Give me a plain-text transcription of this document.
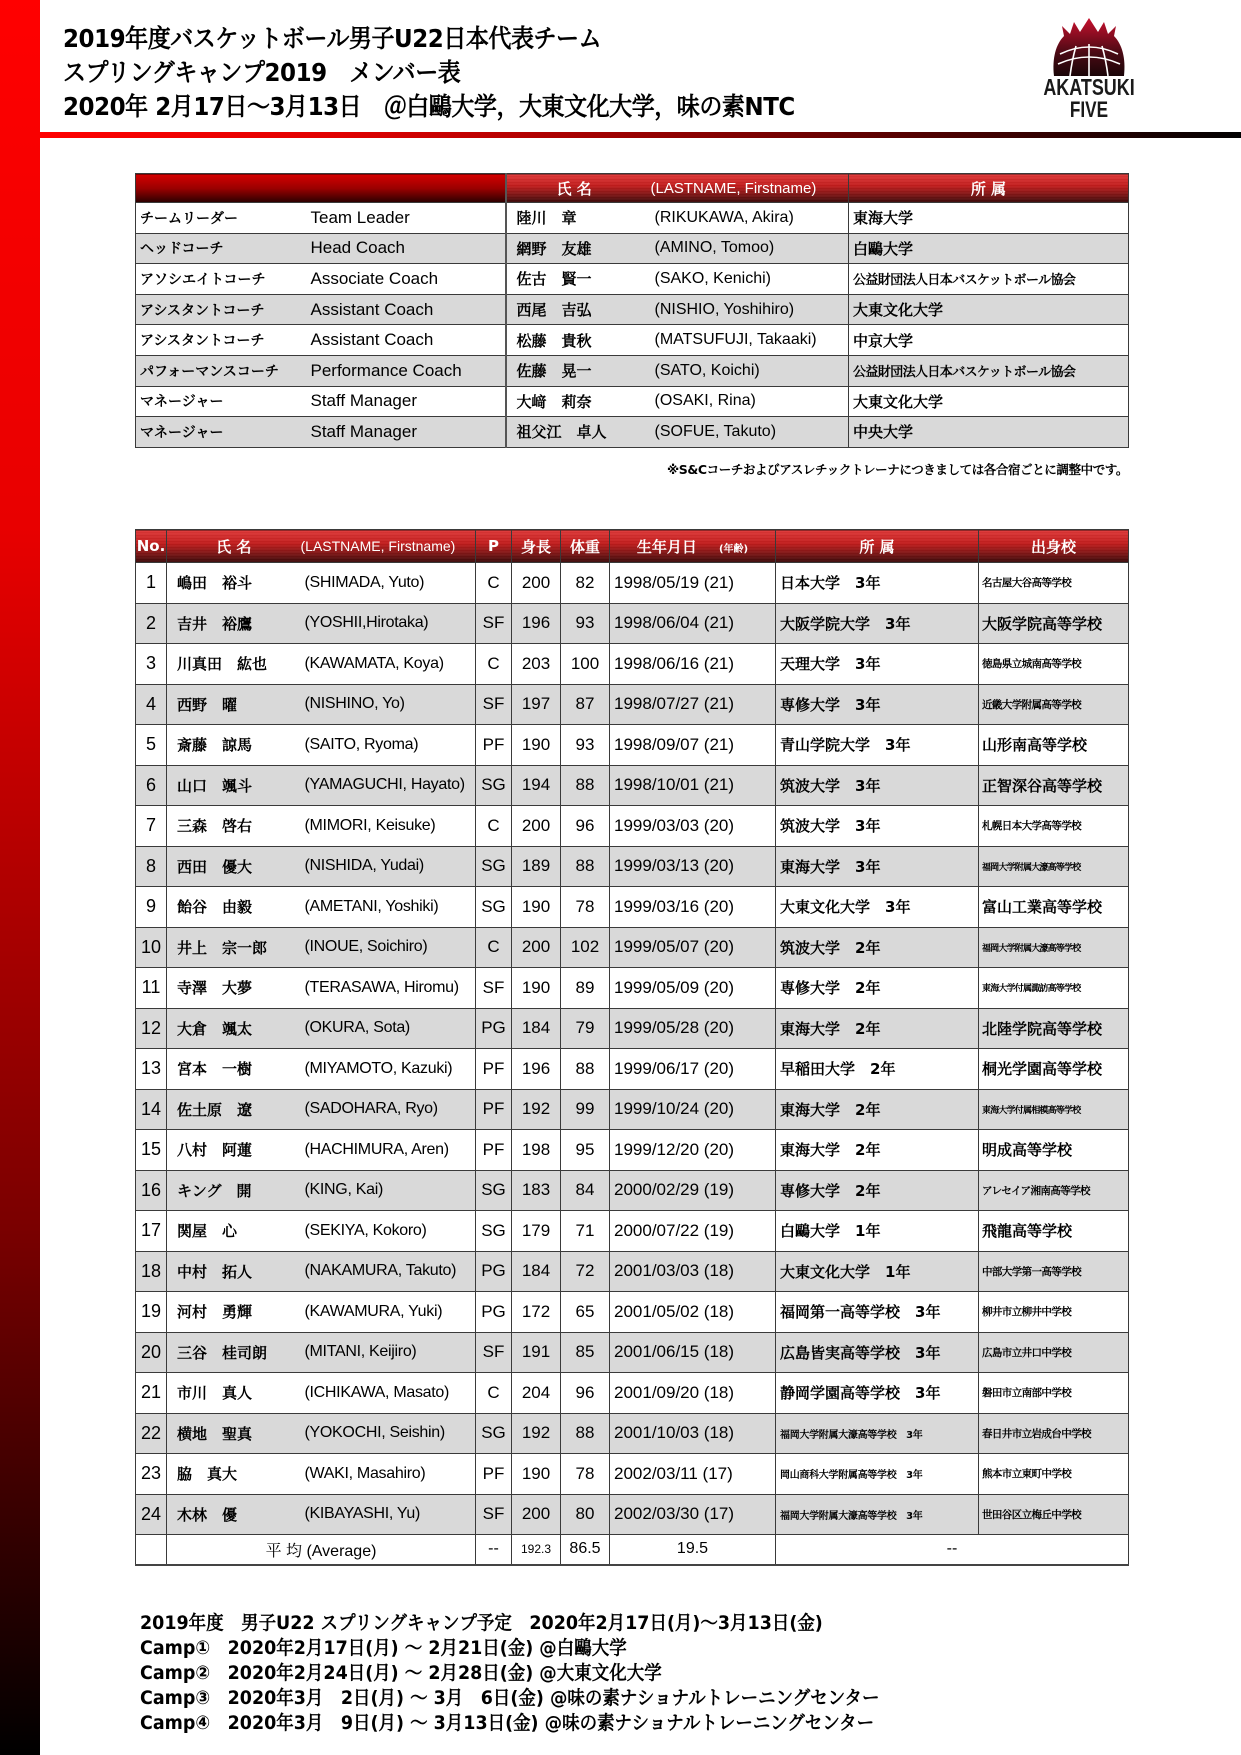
2019年度バスケットボール男子U22日本代表チーム
スプリングキャンプ2019　メンバー表
2020年 2月17日～3月13日　＠白鷗大学，大東文化大学，味の素NTC
AKATSUKI
FIVE
		氏 名	(LASTNAME, Firstname)	所 属
チームリーダー	Team Leader	陸川　章	(RIKUKAWA, Akira)	東海大学
ヘッドコーチ	Head Coach	網野　友雄	(AMINO, Tomoo)	白鷗大学
アソシエイトコーチ	Associate Coach	佐古　賢一	(SAKO, Kenichi)	公益財団法人日本バスケットボール協会
アシスタントコーチ	Assistant Coach	西尾　吉弘	(NISHIO, Yoshihiro)	大東文化大学
アシスタントコーチ	Assistant Coach	松藤　貴秋	(MATSUFUJI, Takaaki)	中京大学
パフォーマンスコーチ	Performance Coach	佐藤　晃一	(SATO, Koichi)	公益財団法人日本バスケットボール協会
マネージャー	Staff Manager	大﨑　莉奈	(OSAKI, Rina)	大東文化大学
マネージャー	Staff Manager	祖父江　卓人	(SOFUE, Takuto)	中央大学
※S&Cコーチおよびアスレチックトレーナにつきましては各合宿ごとに調整中です。
No.	氏 名	(LASTNAME, Firstname)	P	身長	体重	生年月日 (年齢)	所 属	出身校
1	嶋田　裕斗	(SHIMADA, Yuto)	C	200	82	1998/05/19 (21)	日本大学　3年	名古屋大谷高等学校
2	吉井　裕鷹	(YOSHII,Hirotaka)	SF	196	93	1998/06/04 (21)	大阪学院大学　3年	大阪学院高等学校
3	川真田　紘也	(KAWAMATA, Koya)	C	203	100	1998/06/16 (21)	天理大学　3年	徳島県立城南高等学校
4	西野　曜	(NISHINO, Yo)	SF	197	87	1998/07/27 (21)	専修大学　3年	近畿大学附属高等学校
5	斎藤　諒馬	(SAITO, Ryoma)	PF	190	93	1998/09/07 (21)	青山学院大学　3年	山形南高等学校
6	山口　颯斗	(YAMAGUCHI, Hayato)	SG	194	88	1998/10/01 (21)	筑波大学　3年	正智深谷高等学校
7	三森　啓右	(MIMORI, Keisuke)	C	200	96	1999/03/03 (20)	筑波大学　3年	札幌日本大学高等学校
8	西田　優大	(NISHIDA, Yudai)	SG	189	88	1999/03/13 (20)	東海大学　3年	福岡大学附属大濠高等学校
9	飴谷　由毅	(AMETANI, Yoshiki)	SG	190	78	1999/03/16 (20)	大東文化大学　3年	富山工業高等学校
10	井上　宗一郎	(INOUE, Soichiro)	C	200	102	1999/05/07 (20)	筑波大学　2年	福岡大学附属大濠高等学校
11	寺澤　大夢	(TERASAWA, Hiromu)	SF	190	89	1999/05/09 (20)	専修大学　2年	東海大学付属諏訪高等学校
12	大倉　颯太	(OKURA, Sota)	PG	184	79	1999/05/28 (20)	東海大学　2年	北陸学院高等学校
13	宮本　一樹	(MIYAMOTO, Kazuki)	PF	196	88	1999/06/17 (20)	早稲田大学　2年	桐光学園高等学校
14	佐土原　遼	(SADOHARA, Ryo)	PF	192	99	1999/10/24 (20)	東海大学　2年	東海大学付属相模高等学校
15	八村　阿蓮	(HACHIMURA, Aren)	PF	198	95	1999/12/20 (20)	東海大学　2年	明成高等学校
16	キング　開	(KING, Kai)	SG	183	84	2000/02/29 (19)	専修大学　2年	アレセイア湘南高等学校
17	関屋　心	(SEKIYA, Kokoro)	SG	179	71	2000/07/22 (19)	白鷗大学　1年	飛龍高等学校
18	中村　拓人	(NAKAMURA, Takuto)	PG	184	72	2001/03/03 (18)	大東文化大学　1年	中部大学第一高等学校
19	河村　勇輝	(KAWAMURA, Yuki)	PG	172	65	2001/05/02 (18)	福岡第一高等学校　3年	柳井市立柳井中学校
20	三谷　桂司朗	(MITANI, Keijiro)	SF	191	85	2001/06/15 (18)	広島皆実高等学校　3年	広島市立井口中学校
21	市川　真人	(ICHIKAWA, Masato)	C	204	96	2001/09/20 (18)	静岡学園高等学校　3年	磐田市立南部中学校
22	横地　聖真	(YOKOCHI, Seishin)	SG	192	88	2001/10/03 (18)	福岡大学附属大濠高等学校　3年	春日井市立岩成台中学校
23	脇　真大	(WAKI, Masahiro)	PF	190	78	2002/03/11 (17)	岡山商科大学附属高等学校　3年	熊本市立東町中学校
24	木林　優	(KIBAYASHI, Yu)	SF	200	80	2002/03/30 (17)	福岡大学附属大濠高等学校　3年	世田谷区立梅丘中学校
	平 均 (Average)		--	192.3	86.5	19.5	--	
2019年度　男子U22 スプリングキャンプ予定　2020年2月17日(月)～3月13日(金)
Camp①　2020年2月17日(月) ～ 2月21日(金) @白鷗大学
Camp②　2020年2月24日(月) ～ 2月28日(金) @大東文化大学
Camp③　2020年3月　2日(月) ～ 3月　6日(金) @味の素ナショナルトレーニングセンター
Camp④　2020年3月　9日(月) ～ 3月13日(金) @味の素ナショナルトレーニングセンター
